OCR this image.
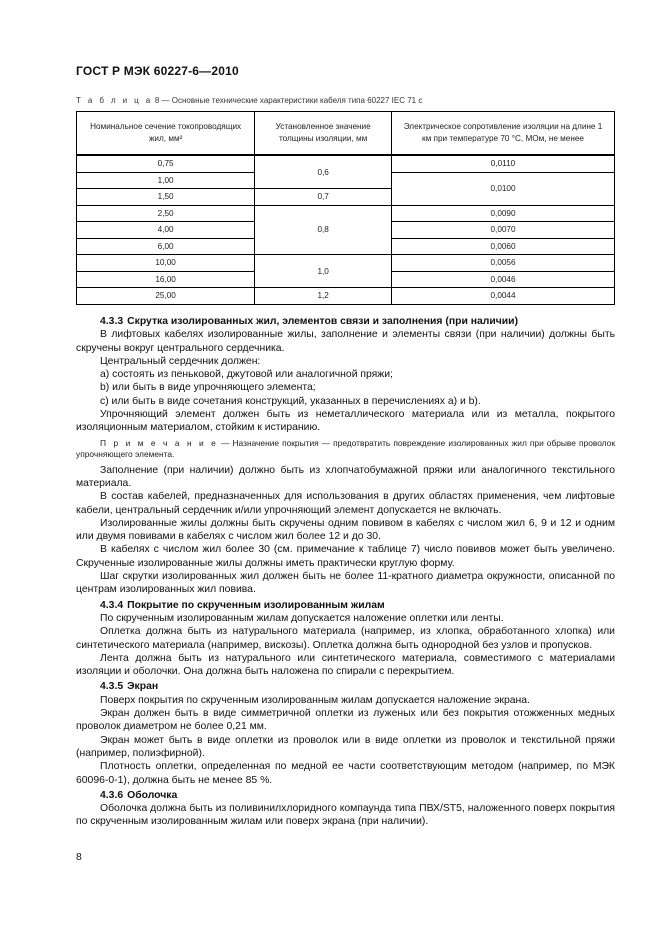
ГОСТ Р МЭК 60227-6—2010
Т а б л и ц а 8 — Основные технические характеристики кабеля типа 60227 IEC 71 с
Номинальное сечение токопроводящих жил, мм²	Установленное значение толщины изоляции, мм	Электрическое сопротивление изоляции на длине 1 км при температуре 70 °С, МОм, не менее
0,75	0,6	0,0110
1,00		0,0100
1,50	0,7	
2,50	0,8	0,0090
4,00		0,0070
6,00		0,0060
10,00	1,0	0,0056
16,00		0,0046
25,00	1,2	0,0044

4.3.3 Скрутка изолированных жил, элементов связи и заполнения (при наличии)

В лифтовых кабелях изолированные жилы, заполнение и элементы связи (при наличии) должны быть скручены вокруг центрального сердечника.

Центральный сердечник должен:

а) состоять из пеньковой, джутовой или аналогичной пряжи;

b) или быть в виде упрочняющего элемента;

c) или быть в виде сочетания конструкций, указанных в перечислениях а) и b).

Упрочняющий элемент должен быть из неметаллического материала или из металла, покрытого изоляционным материалом, стойким к истиранию.

П р и м е ч а н и е — Назначение покрытия — предотвратить повреждение изолированных жил при обрыве проволок упрочняющего элемента.

Заполнение (при наличии) должно быть из хлопчатобумажной пряжи или аналогичного текстильного материала.

В состав кабелей, предназначенных для использования в других областях применения, чем лифтовые кабели, центральный сердечник и/или упрочняющий элемент допускается не включать.

Изолированные жилы должны быть скручены одним повивом в кабелях с числом жил 6, 9 и 12 и одним или двумя повивами в кабелях с числом жил более 12 и до 30.

В кабелях с числом жил более 30 (см. примечание к таблице 7) число повивов может быть увеличено. Скрученные изолированные жилы должны иметь практически круглую форму.

Шаг скрутки изолированных жил должен быть не более 11-кратного диаметра окружности, описанной по центрам изолированных жил повива.

4.3.4 Покрытие по скрученным изолированным жилам

По скрученным изолированным жилам допускается наложение оплетки или ленты.

Оплетка должна быть из натурального материала (например, из хлопка, обработанного хлопка) или синтетического материала (например, вискозы). Оплетка должна быть однородной без узлов и пропусков.

Лента должна быть из натурального или синтетического материала, совместимого с материалами изоляции и оболочки. Она должна быть наложена по спирали с перекрытием.

4.3.5 Экран

Поверх покрытия по скрученным изолированным жилам допускается наложение экрана.

Экран должен быть в виде симметричной оплетки из луженых или без покрытия отожженных медных проволок диаметром не более 0,21 мм.

Экран может быть в виде оплетки из проволок или в виде оплетки из проволок и текстильной пряжи (например, полиэфирной).

Плотность оплетки, определенная по медной ее части соответствующим методом (например, по МЭК 60096-0-1), должна быть не менее 85 %.

4.3.6 Оболочка

Оболочка должна быть из поливинилхлоридного компаунда типа ПВХ/ST5, наложенного поверх покрытия по скрученным изолированным жилам или поверх экрана (при наличии).

8
